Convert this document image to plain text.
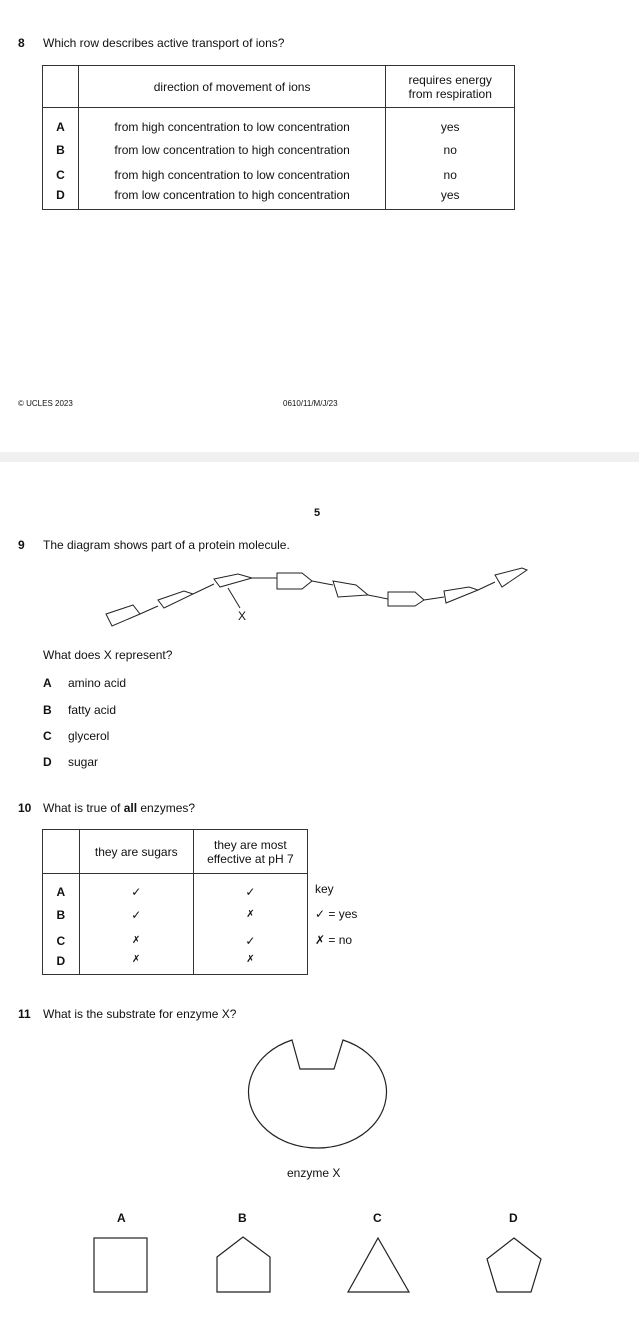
8 Which row describes active transport of ions?
	direction of movement of ions	requires energy
from respiration

A	from high concentration to low concentration	yes
B	from low concentration to high concentration	no
C	from high concentration to low concentration	no
D	from low concentration to high concentration	yes
© UCLES 2023	0610/11/M/J/23
5
9 The diagram shows part of a protein molecule.
X
What does X represent?
A amino acid
B fatty acid
C glycerol
D sugar
10 What is true of all enzymes?
	they are sugars	they are most
effective at pH 7

A	✓	✓
B	✓	✗
C	✗	✓
D	✗	✗
key
✓ = yes
✗ = no
11 What is the substrate for enzyme X?
enzyme X
A	B	C	D
